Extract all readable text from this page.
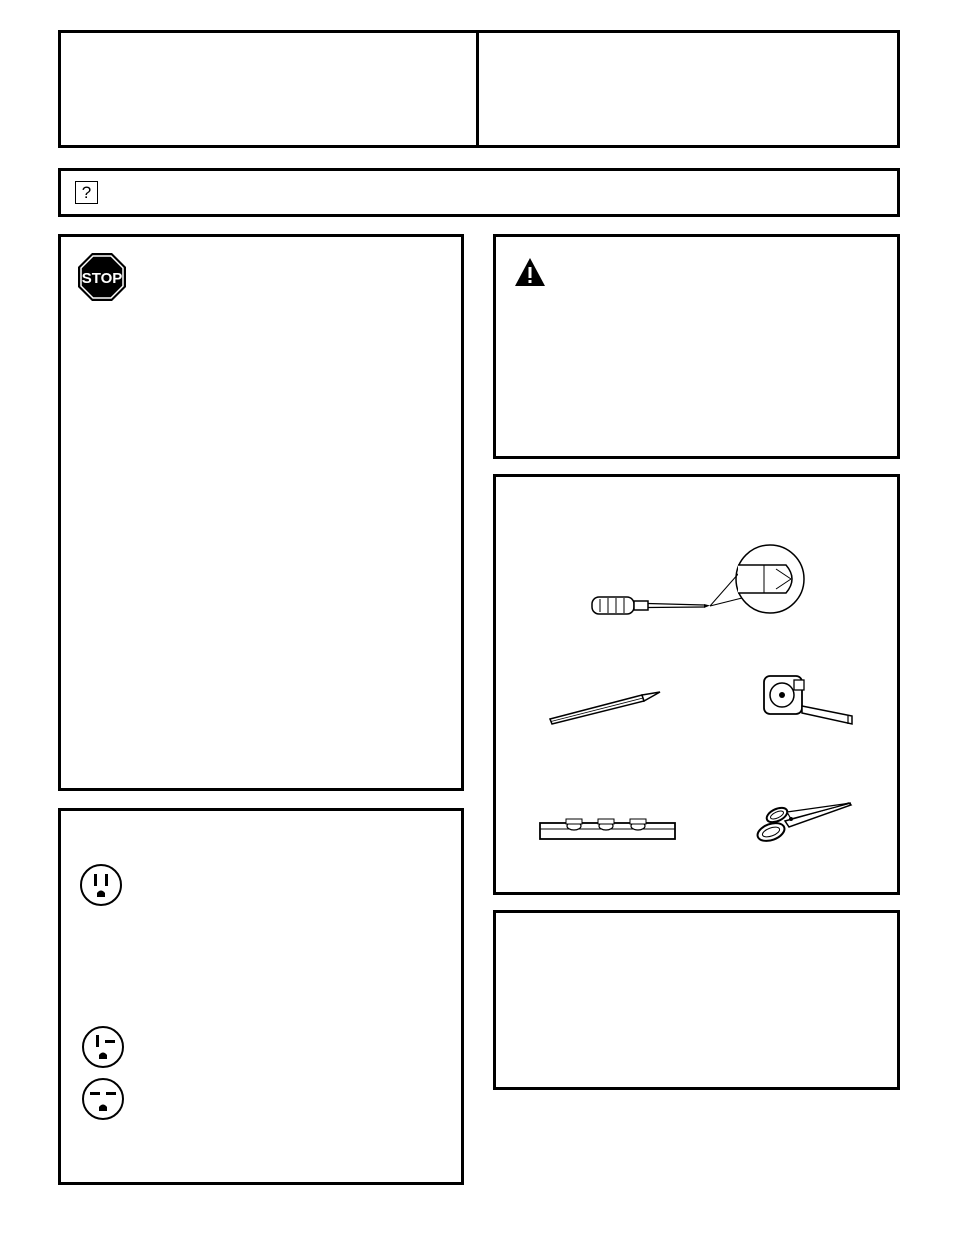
?
STOP
